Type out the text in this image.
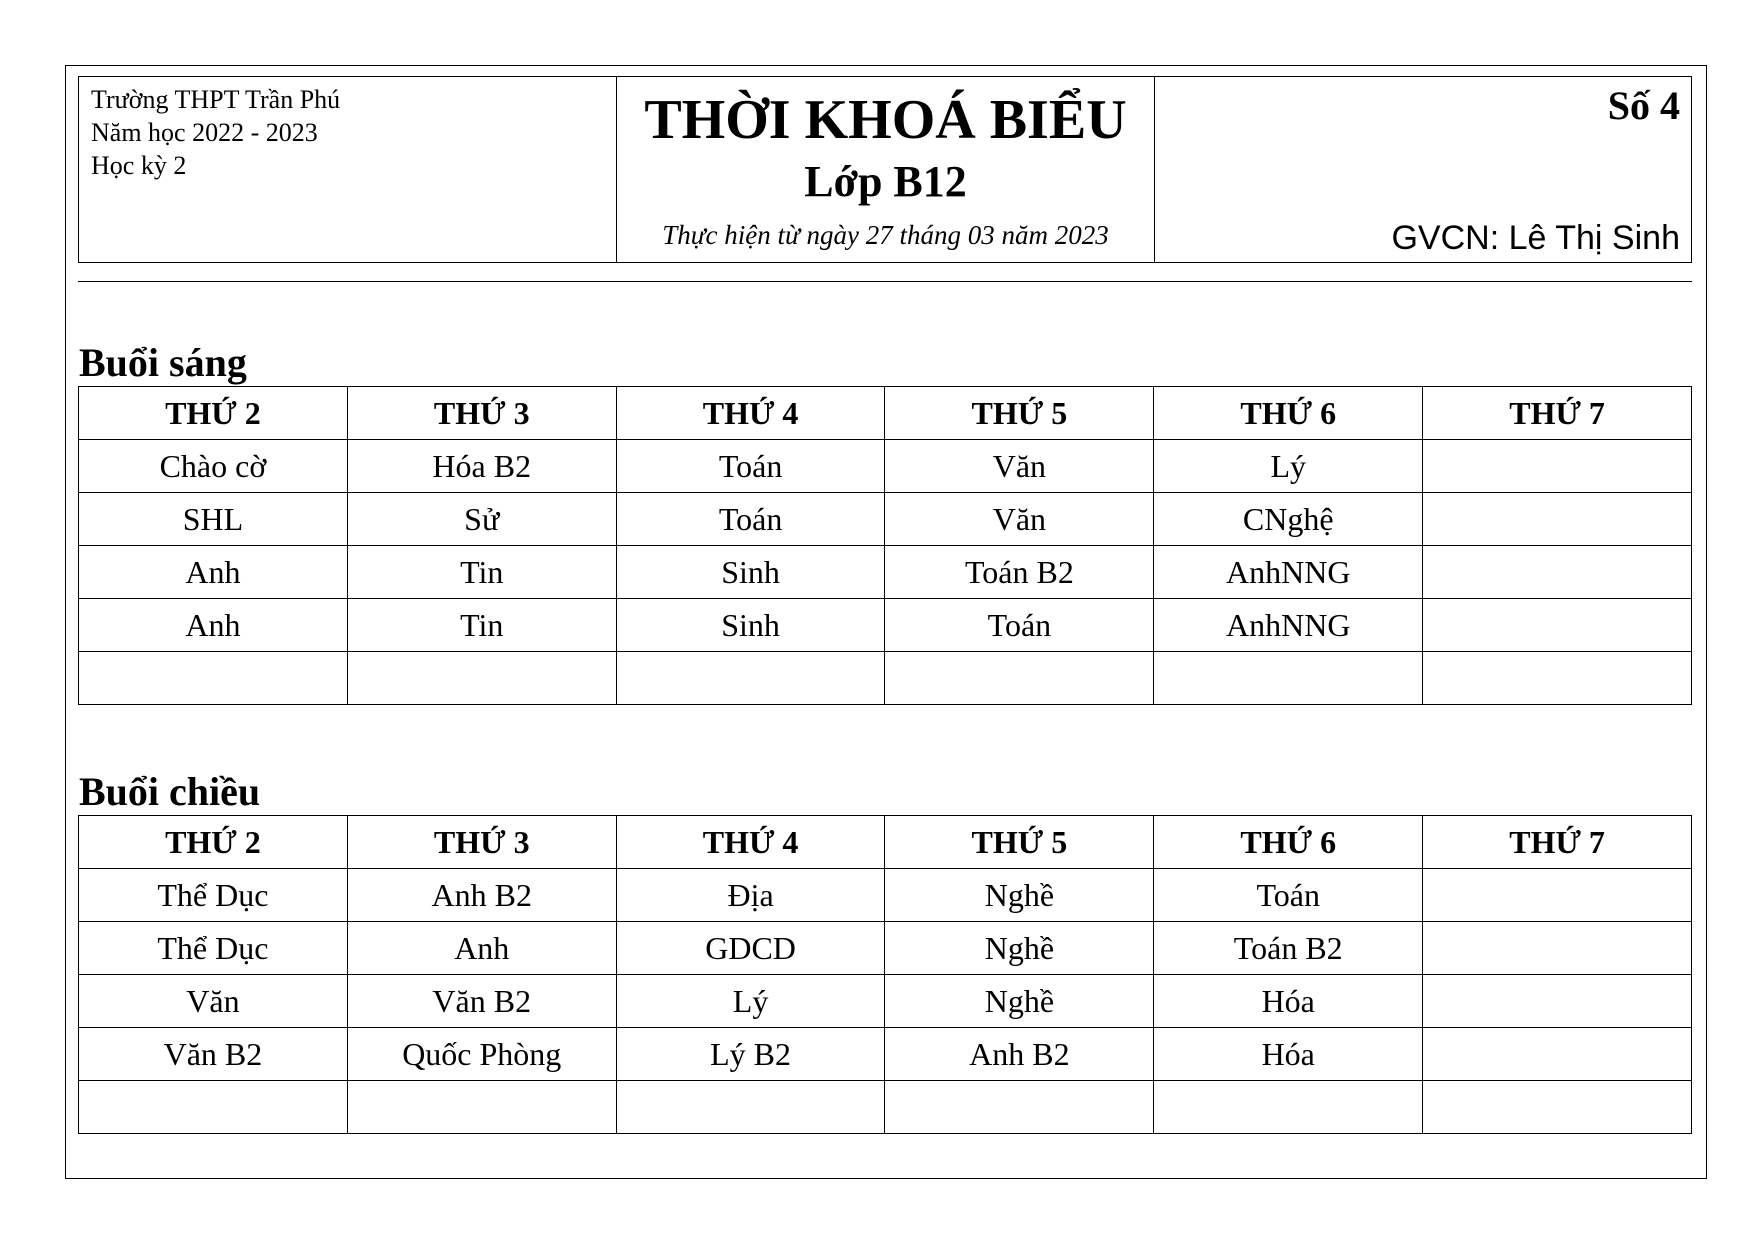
Trường THPT Trần Phú
Năm học 2022 - 2023
Học kỳ 2
THỜI KHOÁ BIỂU
Lớp B12
Thực hiện từ ngày 27 tháng 03 năm 2023
Số 4
GVCN: Lê Thị Sinh
Buổi sáng
THỨ 2	THỨ 3	THỨ 4	THỨ 5	THỨ 6	THỨ 7
Chào cờ	Hóa B2	Toán	Văn	Lý	
SHL	Sử	Toán	Văn	CNghệ	
Anh	Tin	Sinh	Toán B2	AnhNNG	
Anh	Tin	Sinh	Toán	AnhNNG	

Buổi chiều
THỨ 2	THỨ 3	THỨ 4	THỨ 5	THỨ 6	THỨ 7
Thể Dục	Anh B2	Địa	Nghề	Toán	
Thể Dục	Anh	GDCD	Nghề	Toán B2	
Văn	Văn B2	Lý	Nghề	Hóa	
Văn B2	Quốc Phòng	Lý B2	Anh B2	Hóa	
